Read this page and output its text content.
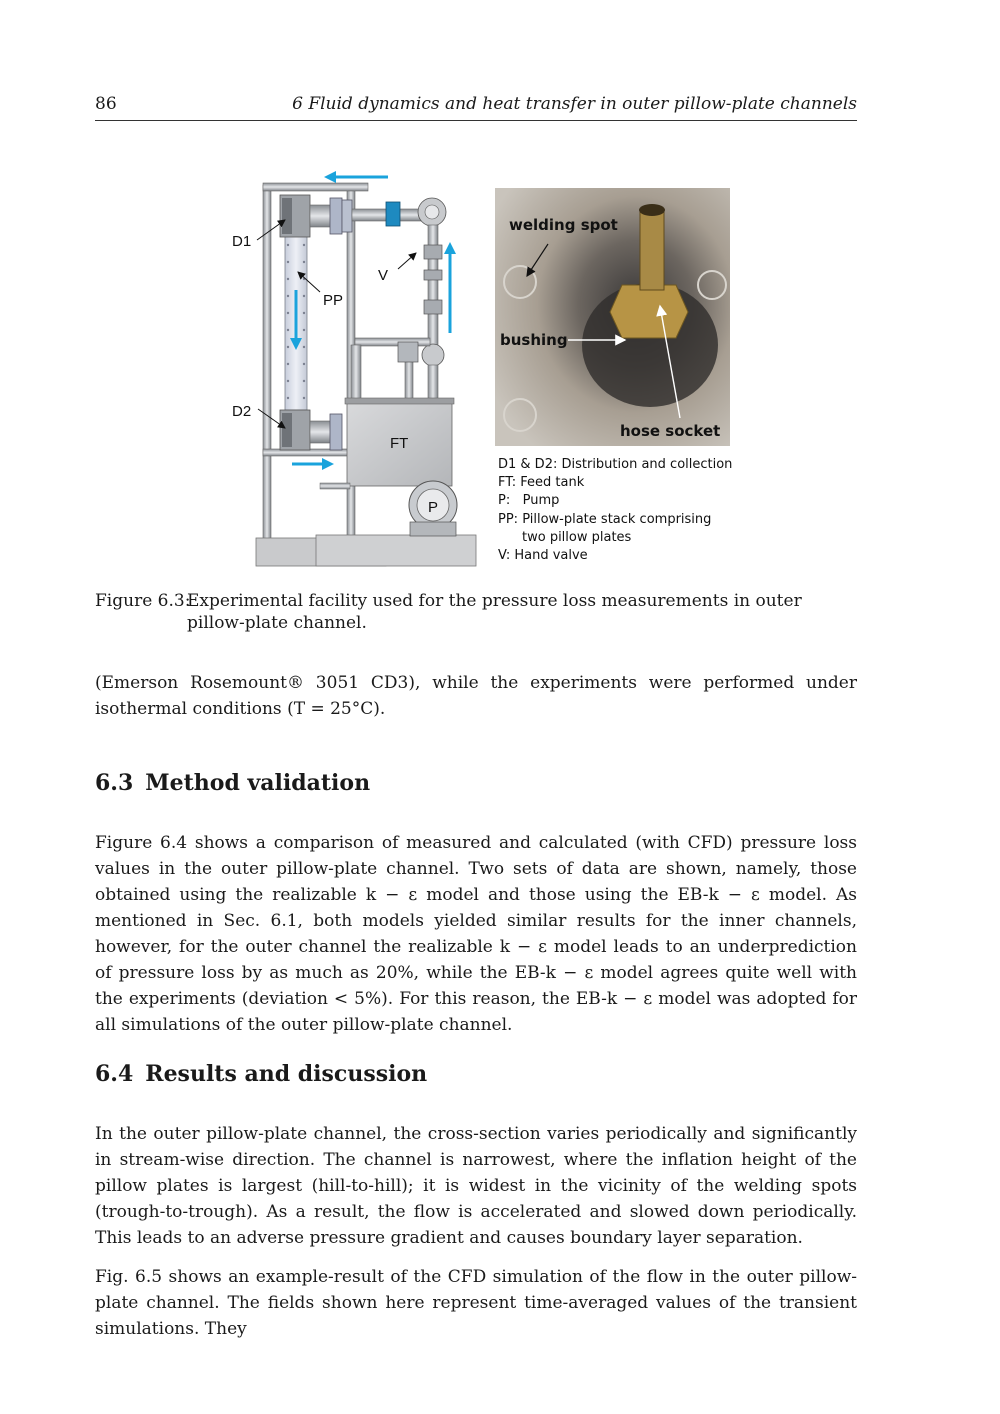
86	6 Fluid dynamics and heat transfer in outer pillow-plate channels
D1
PP
V
D2
FT
P
welding spot
bushing
hose socket
D1 & D2: Distribution and collection
FT: Feed tank
P:   Pump
PP: Pillow-plate stack comprising
two pillow plates
V: Hand valve
Figure 6.3:
Experimental facility used for the pressure loss measurements in outer pillow-plate channel.
(Emerson Rosemount® 3051 CD3), while the experiments were performed under isothermal conditions (T = 25°C).
6.3 Method validation
Figure 6.4 shows a comparison of measured and calculated (with CFD) pressure loss values in the outer pillow-plate channel. Two sets of data are shown, namely, those obtained using the realizable k − ε model and those using the EB-k − ε model. As mentioned in Sec. 6.1, both models yielded similar results for the inner channels, however, for the outer channel the realizable k − ε model leads to an underprediction of pressure loss by as much as 20%, while the EB-k − ε model agrees quite well with the experiments (deviation < 5%). For this reason, the EB-k − ε model was adopted for all simulations of the outer pillow-plate channel.
6.4 Results and discussion
In the outer pillow-plate channel, the cross-section varies periodically and significantly in stream-wise direction. The channel is narrowest, where the inflation height of the pillow plates is largest (hill-to-hill); it is widest in the vicinity of the welding spots (trough-to-trough). As a result, the flow is accelerated and slowed down periodically. This leads to an adverse pressure gradient and causes boundary layer separation.
Fig. 6.5 shows an example-result of the CFD simulation of the flow in the outer pillow-plate channel. The fields shown here represent time-averaged values of the transient simulations. They
